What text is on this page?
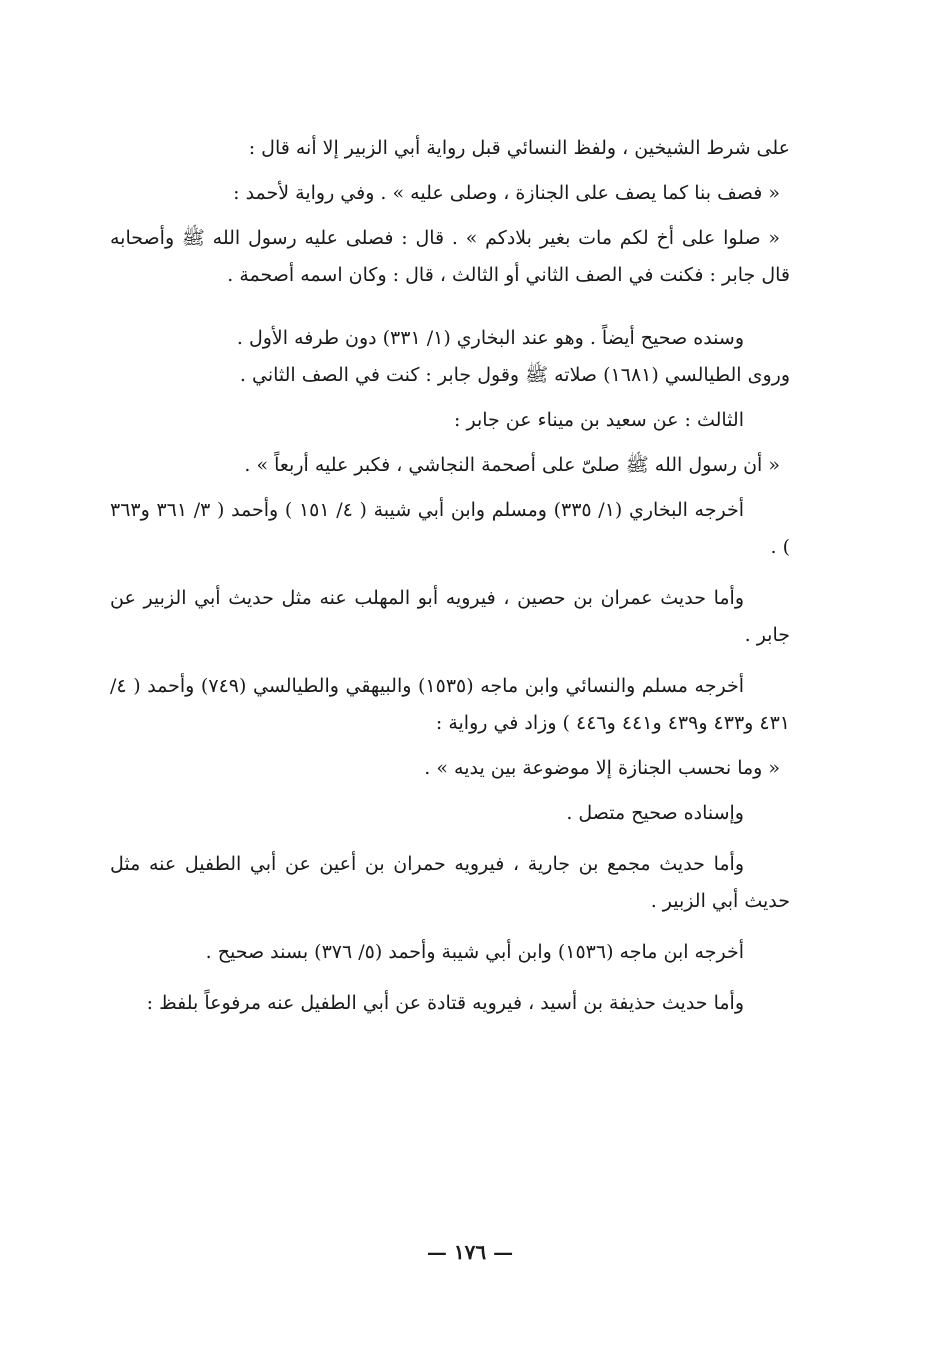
على شرط الشيخين ، ولفظ النسائي قبل رواية أبي الزبير إلا أنه قال :

« فصف بنا كما يصف على الجنازة ، وصلى عليه » . وفي رواية لأحمد :

« صلوا على أخ لكم مات بغير بلادكم » . قال : فصلى عليه رسول الله ﷺ وأصحابه قال جابر : فكنت في الصف الثاني أو الثالث ، قال : وكان اسمه أصحمة .

وسنده صحيح أيضاً . وهو عند البخاري (١/ ٣٣١) دون طرفه الأول .

وروى الطيالسي (١٦٨١) صلاته ﷺ وقول جابر : كنت في الصف الثاني .

الثالث : عن سعيد بن ميناء عن جابر :

« أن رسول الله ﷺ صلىّ على أصحمة النجاشي ، فكبر عليه أربعاً » .

أخرجه البخاري (١/ ٣٣٥) ومسلم وابن أبي شيبة ( ٤/ ١٥١ ) وأحمد ( ٣/ ٣٦١ و٣٦٣ ) .

وأما حديث عمران بن حصين ، فيرويه أبو المهلب عنه مثل حديث أبي الزبير عن جابر .

أخرجه مسلم والنسائي وابن ماجه (١٥٣٥) والبيهقي والطيالسي (٧٤٩) وأحمد ( ٤/ ٤٣١ و٤٣٣ و٤٣٩ و٤٤١ و٤٤٦ ) وزاد في رواية :

« وما نحسب الجنازة إلا موضوعة بين يديه » .

وإسناده صحيح متصل .

وأما حديث مجمع بن جارية ، فيرويه حمران بن أعين عن أبي الطفيل عنه مثل حديث أبي الزبير .

أخرجه ابن ماجه (١٥٣٦) وابن أبي شيبة وأحمد (٥/ ٣٧٦) بسند صحيح .

وأما حديث حذيفة بن أسيد ، فيرويه قتادة عن أبي الطفيل عنه مرفوعاً بلفظ :

— ١٧٦ —
